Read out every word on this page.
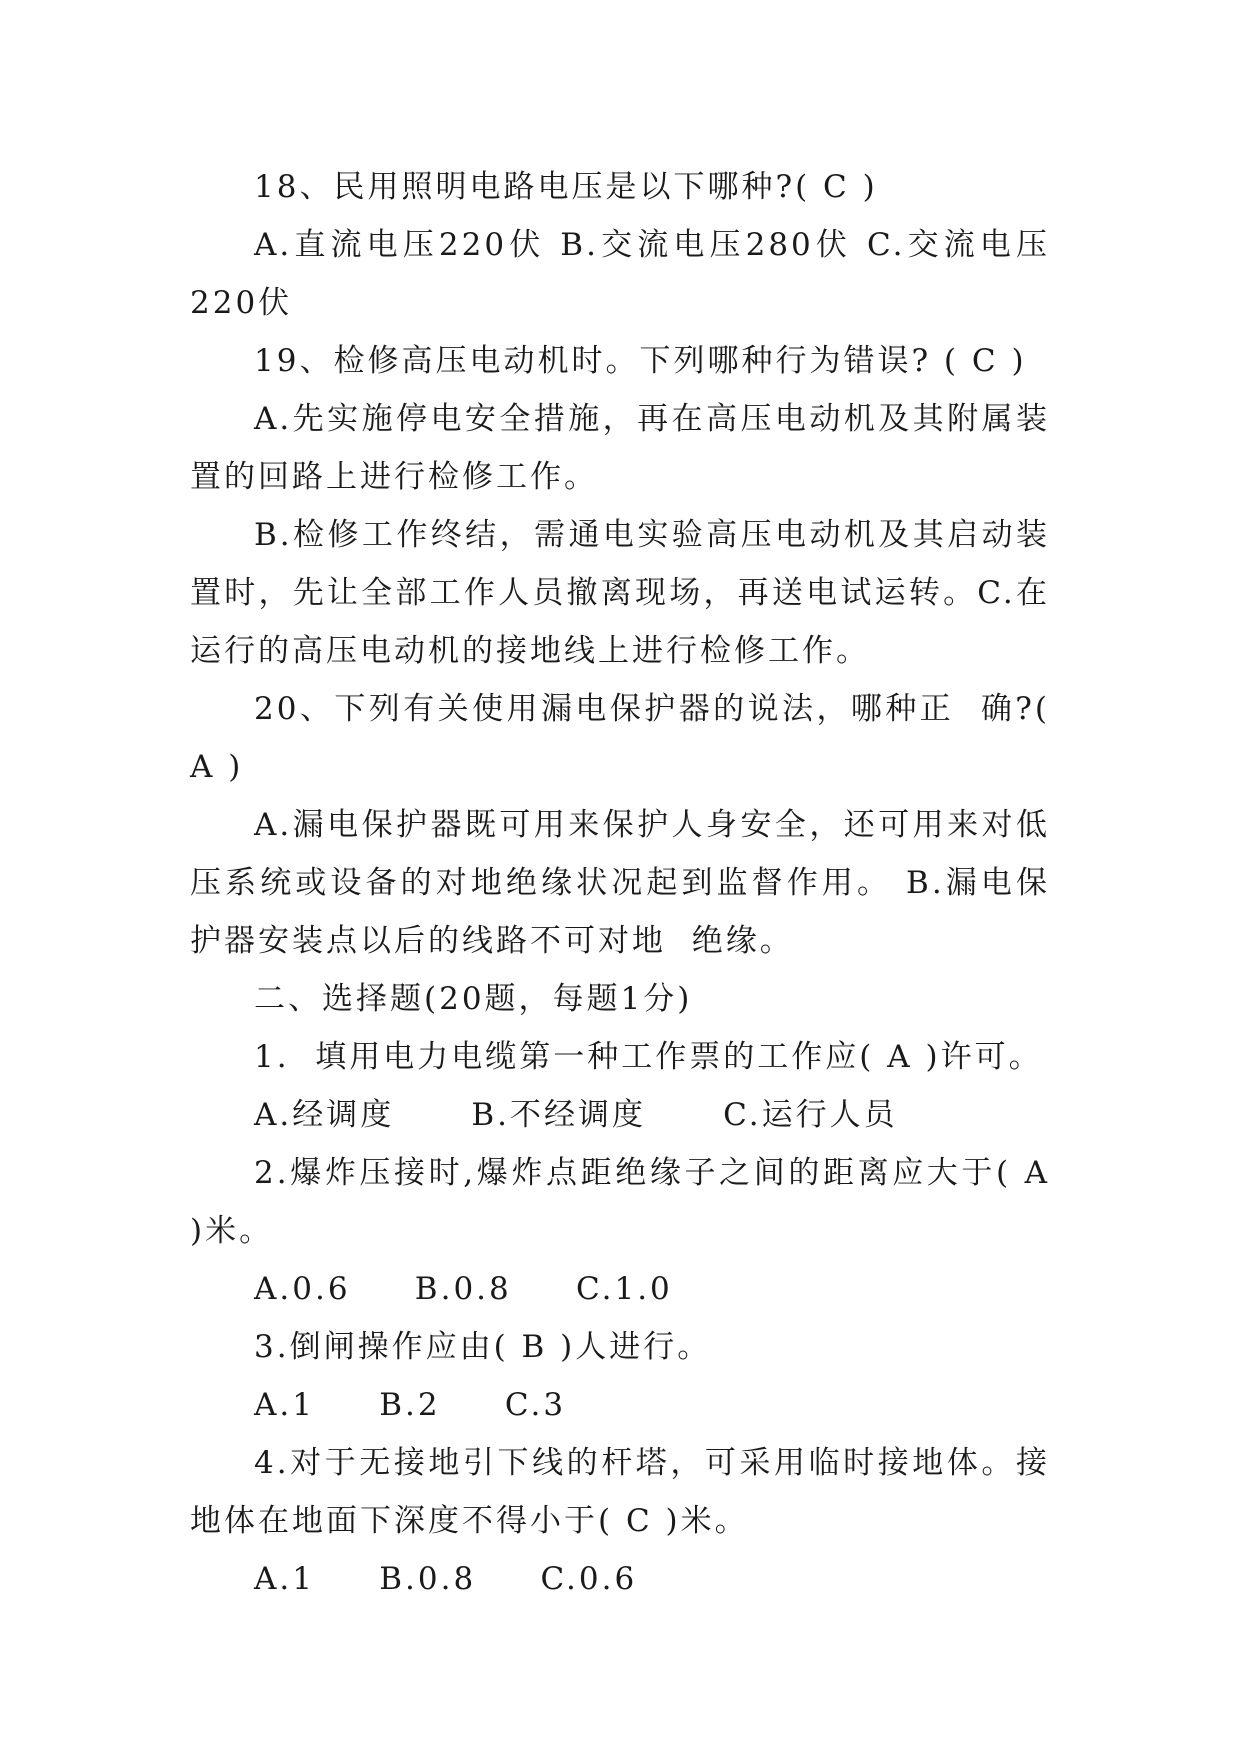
18、民用照明电路电压是以下哪种?( C )

A.直流电压220伏 B.交流电压280伏 C.交流电压220伏

19、检修高压电动机时。下列哪种行为错误? ( C )

A.先实施停电安全措施，再在高压电动机及其附属装置的回路上进行检修工作。

B.检修工作终结，需通电实验高压电动机及其启动装置时，先让全部工作人员撤离现场，再送电试运转。C.在运行的高压电动机的接地线上进行检修工作。

20、下列有关使用漏电保护器的说法，哪种正  确?( A )

A.漏电保护器既可用来保护人身安全，还可用来对低压系统或设备的对地绝缘状况起到监督作用。 B.漏电保护器安装点以后的线路不可对地  绝缘。

二、选择题(20题，每题1分)

1.  填用电力电缆第一种工作票的工作应( A )许可。

A.经调度      B.不经调度      C.运行人员

2.爆炸压接时,爆炸点距绝缘子之间的距离应大于( A )米。

A.0.6     B.0.8     C.1.0

3.倒闸操作应由( B )人进行。

A.1     B.2     C.3

4.对于无接地引下线的杆塔，可采用临时接地体。接地体在地面下深度不得小于( C )米。

A.1     B.0.8     C.0.6
